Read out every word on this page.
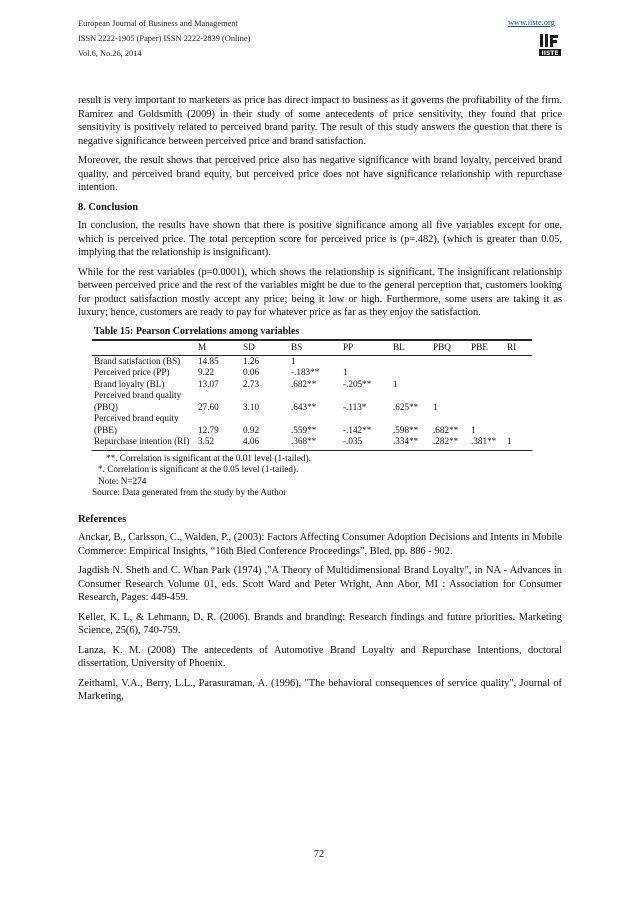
European Journal of Business and Management
ISSN 2222-1905 (Paper) ISSN 2222-2839 (Online)
Vol.6, No.26, 2014
www.iiste.org
IISTE

result is very important to marketers as price has direct impact to business as it governs the profitability of the firm. Ramirez and Goldsmith (2009) in their study of some antecedents of price sensitivity, they found that price sensitivity is positively related to perceived brand parity. The result of this study answers the question that there is negative significance between perceived price and brand satisfaction.

Moreover, the result shows that perceived price also has negative significance with brand loyalty, perceived brand quality, and perceived brand equity, but perceived price does not have significance relationship with repurchase intention.

8. Conclusion

In conclusion, the results have shown that there is positive significance among all five variables except for one, which is perceived price. The total perception score for perceived price is (p=.482), (which is greater than 0.05, implying that the relationship is insignificant).

While for the rest variables (p=0.0001), which shows the relationship is significant. The insignificant relationship between perceived price and the rest of the variables might be due to the general perception that, customers looking for product satisfaction mostly accept any price; being it low or high. Furthermore, some users are taking it as luxury; hence, customers are ready to pay for whatever price as far as they enjoy the satisfaction.

Table 15: Pearson Correlations among variables
	M	SD	BS	PP	BL	PBQ	PBE	RI
Brand satisfaction (BS)	14.85	1.26	1					
Perceived price (PP)	9.22	0.06	-.183**	1				
Brand loyalty (BL)	13.07	2.73	.682**	-.205**	1			
Perceived brand quality (PBQ)	27.60	3.10	.643**	-.113*	.625**	1		
Perceived brand equity (PBE)	12.79	0.92	.559**	-.142**	.598**	.682**	1	
Repurchase intention (RI)	3.52	4.06	.368**	-.035	.334**	.282**	.381**	1
**. Correlation is significant at the 0.01 level (1-tailed).
*. Correlation is significant at the 0.05 level (1-tailed).
Note: N=274
Source: Data generated from the study by the Author
References

Anckar, B., Carlsson, C., Walden, P., (2003): Factors Affecting Consumer Adoption Decisions and Intents in Mobile Commerce: Empirical Insights, “16th Bled Conference Proceedings”, Bled, pp. 886 - 902.

Jagdish N. Sheth and C. Whan Park (1974) ,"A Theory of Multidimensional Brand Loyalty", in NA - Advances in Consumer Research Volume 01, eds. Scott Ward and Peter Wright, Ann Abor, MI : Association for Consumer Research, Pages: 449-459.

Keller, K. L, & Lehmann, D. R. (2006). Brands and branding: Research findings and future priorities. Marketing Science, 25(6), 740-759.

Lanza, K. M. (2008) The antecedents of Automotive Brand Loyalty and Repurchase Intentions, doctoral dissertation, University of Phoenix.

Zeithaml, V.A., Berry, L.L., Parasuraman, A. (1996), "The behavioral consequences of service quality", Journal of Marketing,

72
